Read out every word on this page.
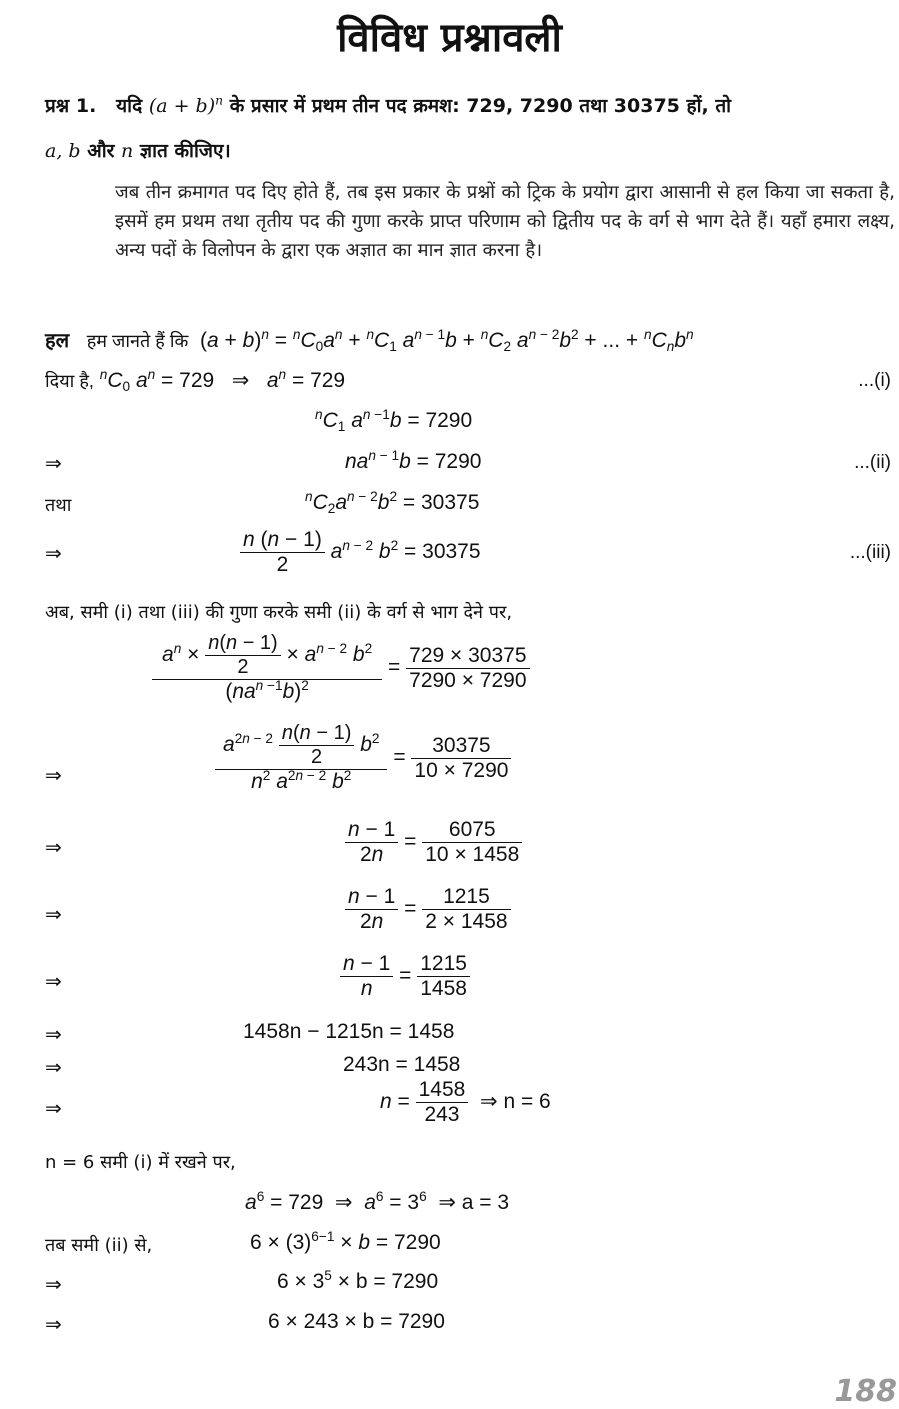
विविध प्रश्नावली
प्रश्न 1. यदि $(a + b)^n$ के प्रसार में प्रथम तीन पद क्रमश: 729, 7290 तथा 30375 हों, तो
a, b और n ज्ञात कीजिए।
जब तीन क्रमागत पद दिए होते हैं, तब इस प्रकार के प्रश्नों को ट्रिक के प्रयोग द्वारा आसानी से हल किया जा सकता है, इसमें हम प्रथम तथा तृतीय पद की गुणा करके प्राप्त परिणाम को द्वितीय पद के वर्ग से भाग देते हैं। यहाँ हमारा लक्ष्य, अन्य पदों के विलोपन के द्वारा एक अज्ञात का मान ज्ञात करना है।
हल हम जानते हैं कि  $(a + b)^n = ^nC_0a^n + ^nC_1$ $a^{n - 1}b + ^nC_2$ $a^{n - 2}b^2$ + ... + $^nC_nb^n$
दिया है, $^nC_0$ $a^n = 729$ ⇒ $a^n = 729$	...(i)
$^nC_1$ $a^{n -1}b = 7290$
⇒	$na^{n - 1}b = 7290$	...(ii)
तथा	$^nC_2a^{n - 2}b^2 = 30375$
⇒	$\frac{n (n - 1)}{2} a^{n - 2}$ $b^2 = 30375$	...(iii)
अब, समी (i) तथा (iii) की गुणा करके समी (ii) के वर्ग से भाग देने पर,
$\frac{a^n \times \frac{n(n - 1)}{2} \times a^{n - 2} b^2}{(na^{n -1}b)^2} = \frac{729 \times 30375}{7290 \times 7290}$
⇒	$\frac{a^{2n - 2} \frac{n(n - 1)}{2} b^2}{n^2 a^{2n - 2} b^2} = \frac{30375}{10 \times 7290}$
⇒	$\frac{n - 1}{2n} = \frac{6075}{10 \times 1458}$
⇒	$\frac{n - 1}{2n} = \frac{1215}{2 \times 1458}$
⇒	$\frac{n - 1}{n} = \frac{1215}{1458}$
⇒	1458n − 1215n = 1458
⇒	243n = 1458
⇒	$n = \frac{1458}{243}$ ⇒ n = 6
n = 6 समी (i) में रखने पर,
$a^6 = 729$  ⇒  $a^6 = 3^6$ ⇒ a = 3
तब समी (ii) से,	$6 \times (3)^{6-1} \times b = 7290$
⇒	$6 \times 3^5 \times b = 7290$
⇒	6 × 243 × b = 7290
188
